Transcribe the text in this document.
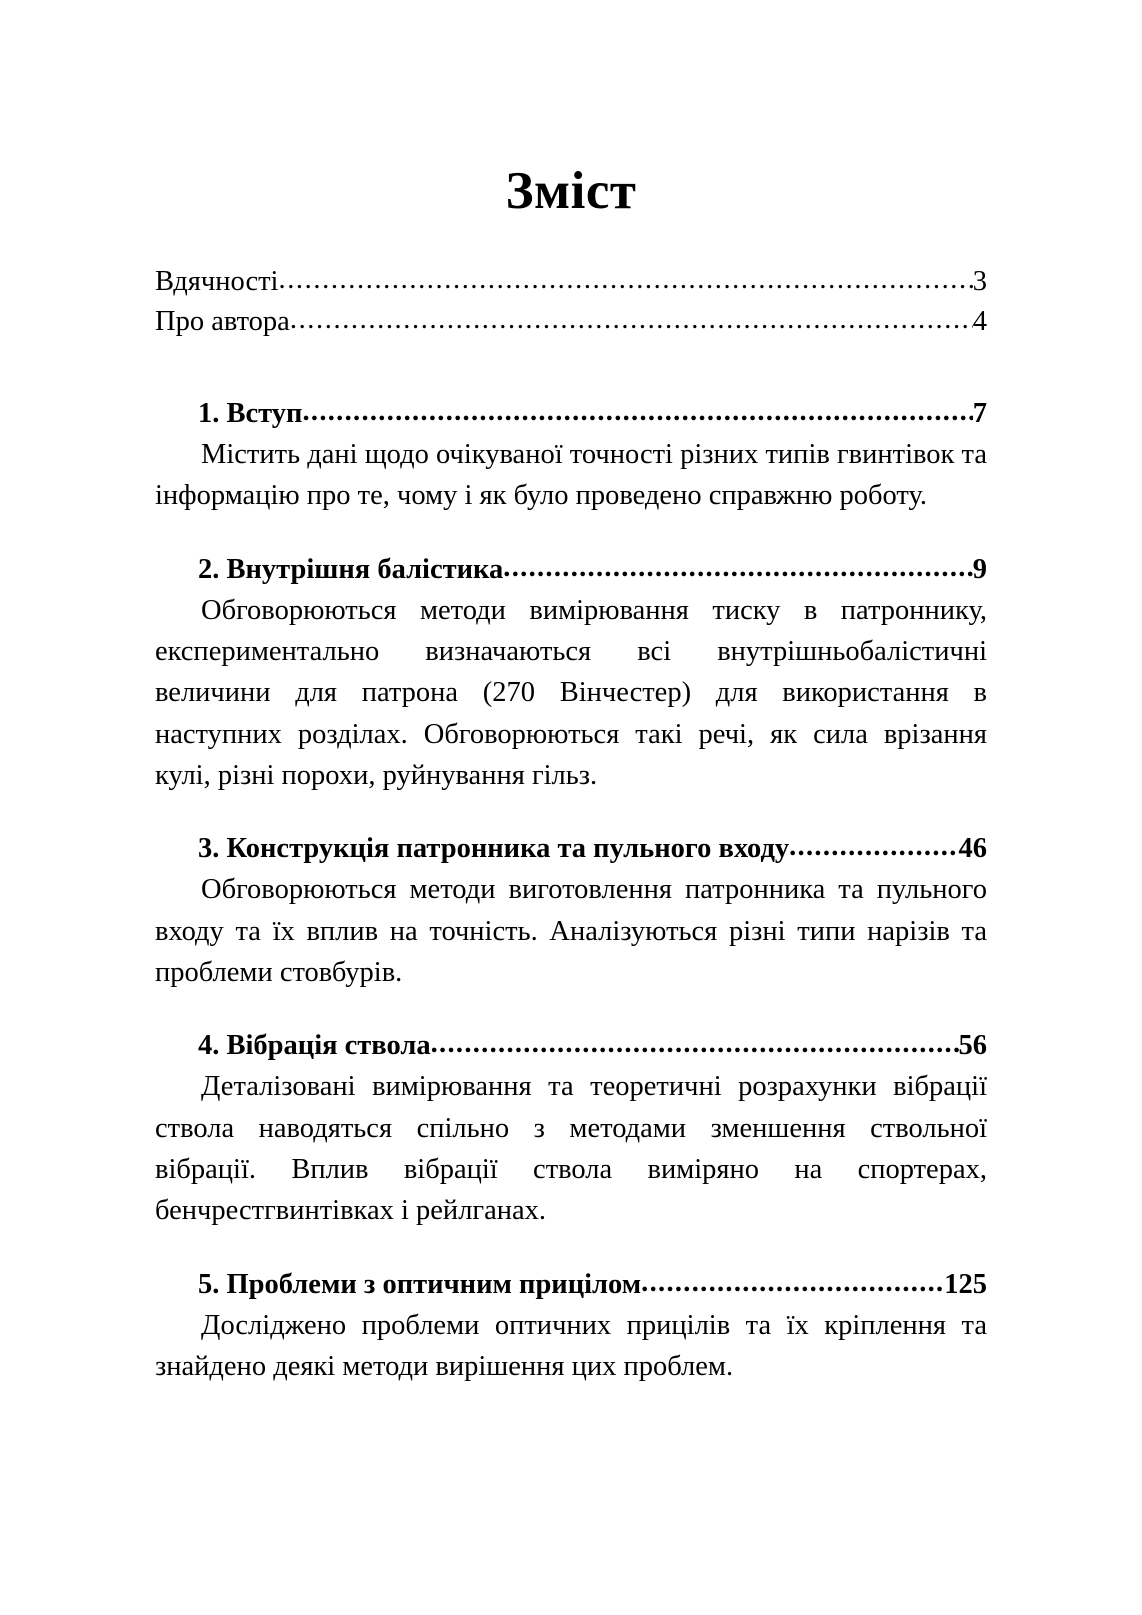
Зміст
Вдячності .....	3
Про автора .....	4
1. Вступ .....	7
Містить дані щодо очікуваної точності різних типів гвинтівок та інформацію про те, чому і як було проведено справжню роботу.
2. Внутрішня балістика .....	9
Обговорюються методи вимірювання тиску в патроннику, експериментально визначаються всі внутрішньобалістичні величини для патрона (270 Вінчестер) для використання в наступних розділах. Обговорюються такі речі, як сила врізання кулі, різні порохи, руйнування гільз.
3. Конструкція патронника та пульного входу .....	46
Обговорюються методи виготовлення патронника та пульного входу та їх вплив на точність. Аналізуються різні типи нарізів та проблеми стовбурів.
4. Вібрація ствола .....	56
Деталізовані вимірювання та теоретичні розрахунки вібрації ствола наводяться спільно з методами зменшення ствольної вібрації. Вплив вібрації ствола виміряно на спортерах, бенчрестгвинтівках і рейлганах.
5. Проблеми з оптичним прицілом .....	125
Досліджено проблеми оптичних прицілів та їх кріплення та знайдено деякі методи вирішення цих проблем.
